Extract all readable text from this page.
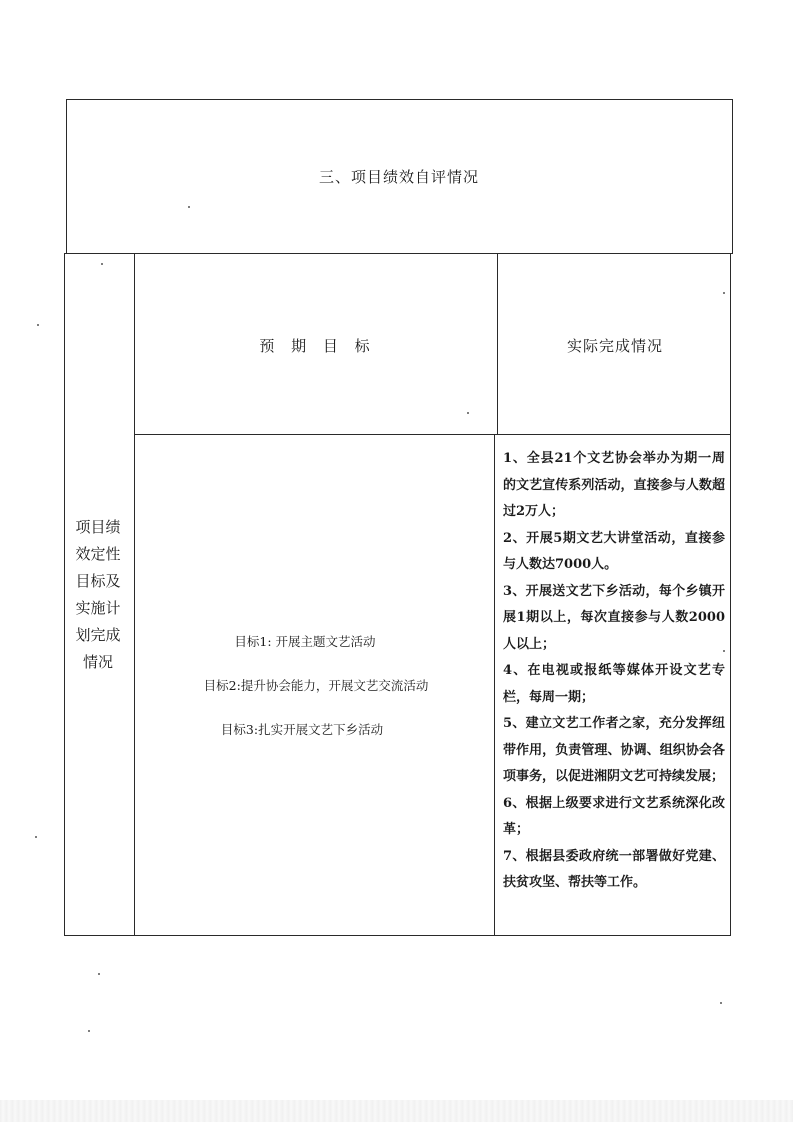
三、项目绩效自评情况
项目绩效定性目标及实施计划完成情况
预 期 目 标	实际完成情况
目标1: 开展主题文艺活动
目标2:提升协会能力，开展文艺交流活动
目标3:扎实开展文艺下乡活动

1、全县21个文艺协会举办为期一周的文艺宣传系列活动，直接参与人数超过2万人；

2、开展5期文艺大讲堂活动，直接参与人数达7000人。

3、开展送文艺下乡活动，每个乡镇开展1期以上，每次直接参与人数2000人以上；

4、在电视或报纸等媒体开设文艺专栏，每周一期；

5、建立文艺工作者之家，充分发挥纽带作用，负责管理、协调、组织协会各项事务，以促进湘阴文艺可持续发展；

6、根据上级要求进行文艺系统深化改革；

7、根据县委政府统一部署做好党建、扶贫攻坚、帮扶等工作。
